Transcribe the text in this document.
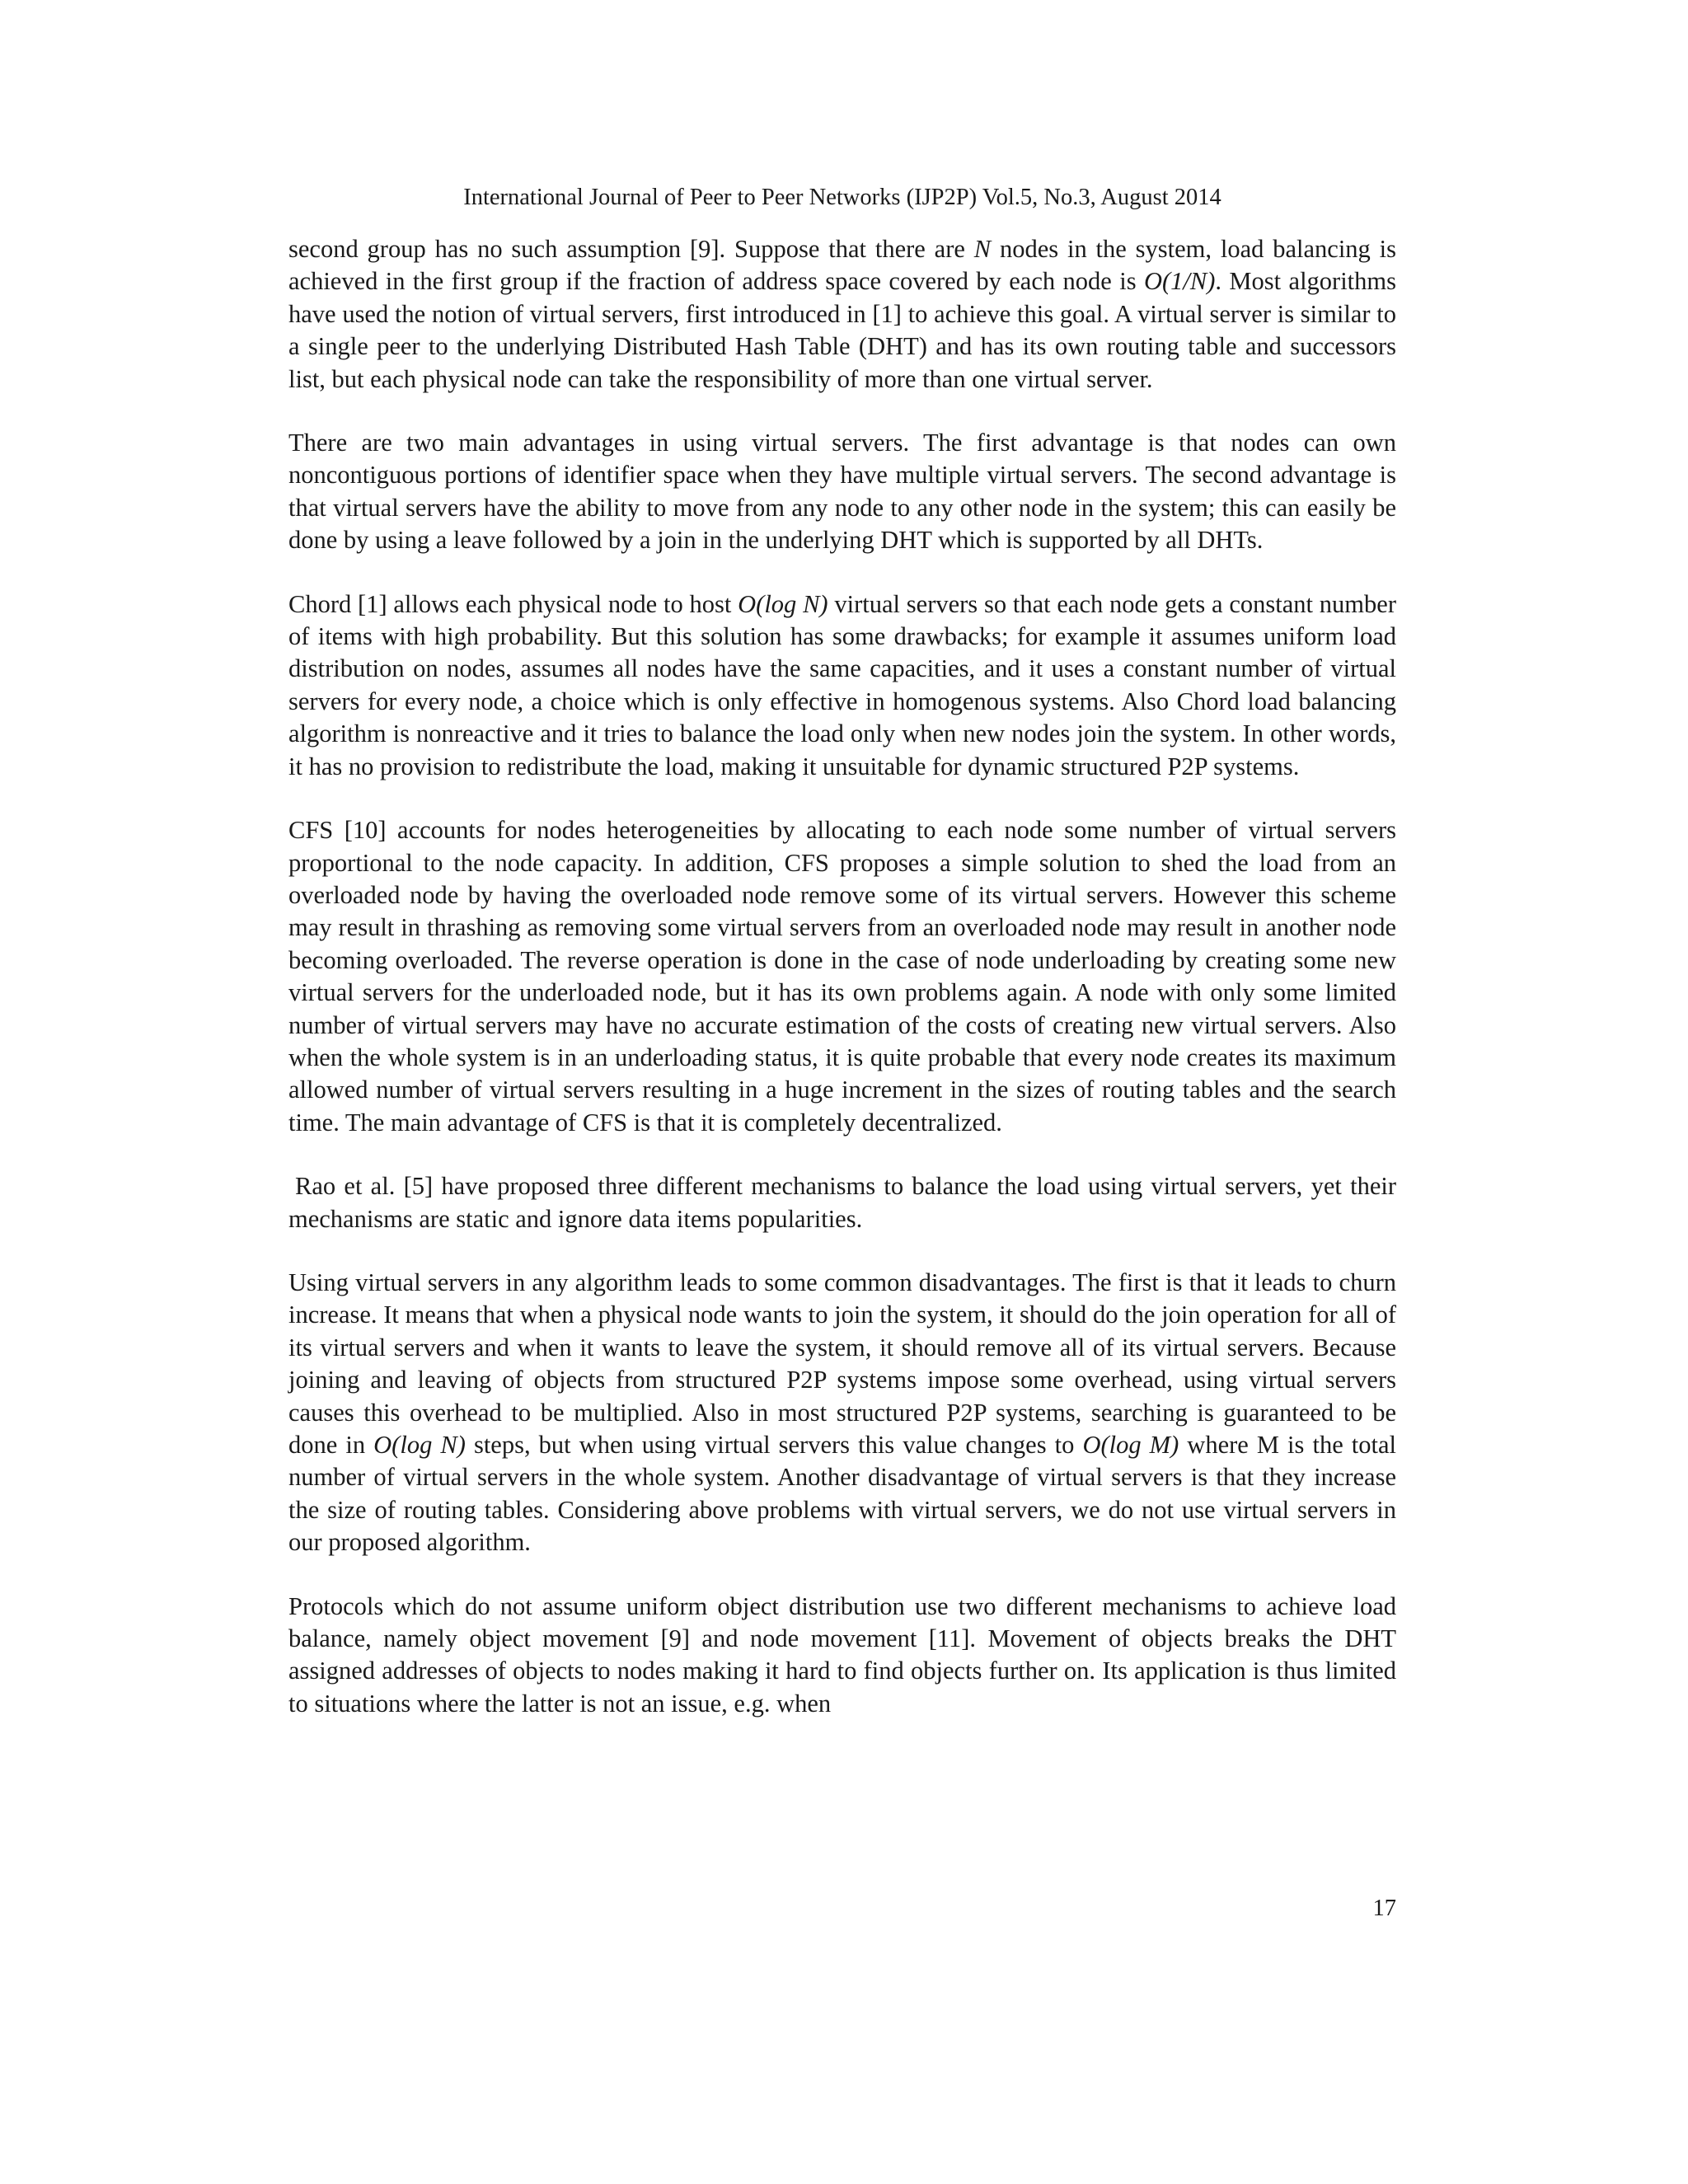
International Journal of Peer to Peer Networks (IJP2P) Vol.5, No.3, August 2014

second group has no such assumption [9]. Suppose that there are N nodes in the system, load balancing is achieved in the first group if the fraction of address space covered by each node is O(1/N). Most algorithms have used the notion of virtual servers, first introduced in [1] to achieve this goal. A virtual server is similar to a single peer to the underlying Distributed Hash Table (DHT) and has its own routing table and successors list, but each physical node can take the responsibility of more than one virtual server.

There are two main advantages in using virtual servers. The first advantage is that nodes can own noncontiguous portions of identifier space when they have multiple virtual servers. The second advantage is that virtual servers have the ability to move from any node to any other node in the system; this can easily be done by using a leave followed by a join in the underlying DHT which is supported by all DHTs.

Chord [1] allows each physical node to host O(log N) virtual servers so that each node gets a constant number of items with high probability. But this solution has some drawbacks; for example it assumes uniform load distribution on nodes, assumes all nodes have the same capacities, and it uses a constant number of virtual servers for every node, a choice which is only effective in homogenous systems. Also Chord load balancing algorithm is nonreactive and it tries to balance the load only when new nodes join the system. In other words, it has no provision to redistribute the load, making it unsuitable for dynamic structured P2P systems.

CFS [10] accounts for nodes heterogeneities by allocating to each node some number of virtual servers proportional to the node capacity. In addition, CFS proposes a simple solution to shed the load from an overloaded node by having the overloaded node remove some of its virtual servers. However this scheme may result in thrashing as removing some virtual servers from an overloaded node may result in another node becoming overloaded. The reverse operation is done in the case of node underloading by creating some new virtual servers for the underloaded node, but it has its own problems again. A node with only some limited number of virtual servers may have no accurate estimation of the costs of creating new virtual servers. Also when the whole system is in an underloading status, it is quite probable that every node creates its maximum allowed number of virtual servers resulting in a huge increment in the sizes of routing tables and the search time. The main advantage of CFS is that it is completely decentralized.

Rao et al. [5] have proposed three different mechanisms to balance the load using virtual servers, yet their mechanisms are static and ignore data items popularities.

Using virtual servers in any algorithm leads to some common disadvantages. The first is that it leads to churn increase. It means that when a physical node wants to join the system, it should do the join operation for all of its virtual servers and when it wants to leave the system, it should remove all of its virtual servers. Because joining and leaving of objects from structured P2P systems impose some overhead, using virtual servers causes this overhead to be multiplied. Also in most structured P2P systems, searching is guaranteed to be done in O(log N) steps, but when using virtual servers this value changes to O(log M) where M is the total number of virtual servers in the whole system. Another disadvantage of virtual servers is that they increase the size of routing tables. Considering above problems with virtual servers, we do not use virtual servers in our proposed algorithm.

Protocols which do not assume uniform object distribution use two different mechanisms to achieve load balance, namely object movement [9] and node movement [11]. Movement of objects breaks the DHT assigned addresses of objects to nodes making it hard to find objects further on. Its application is thus limited to situations where the latter is not an issue, e.g. when

17
